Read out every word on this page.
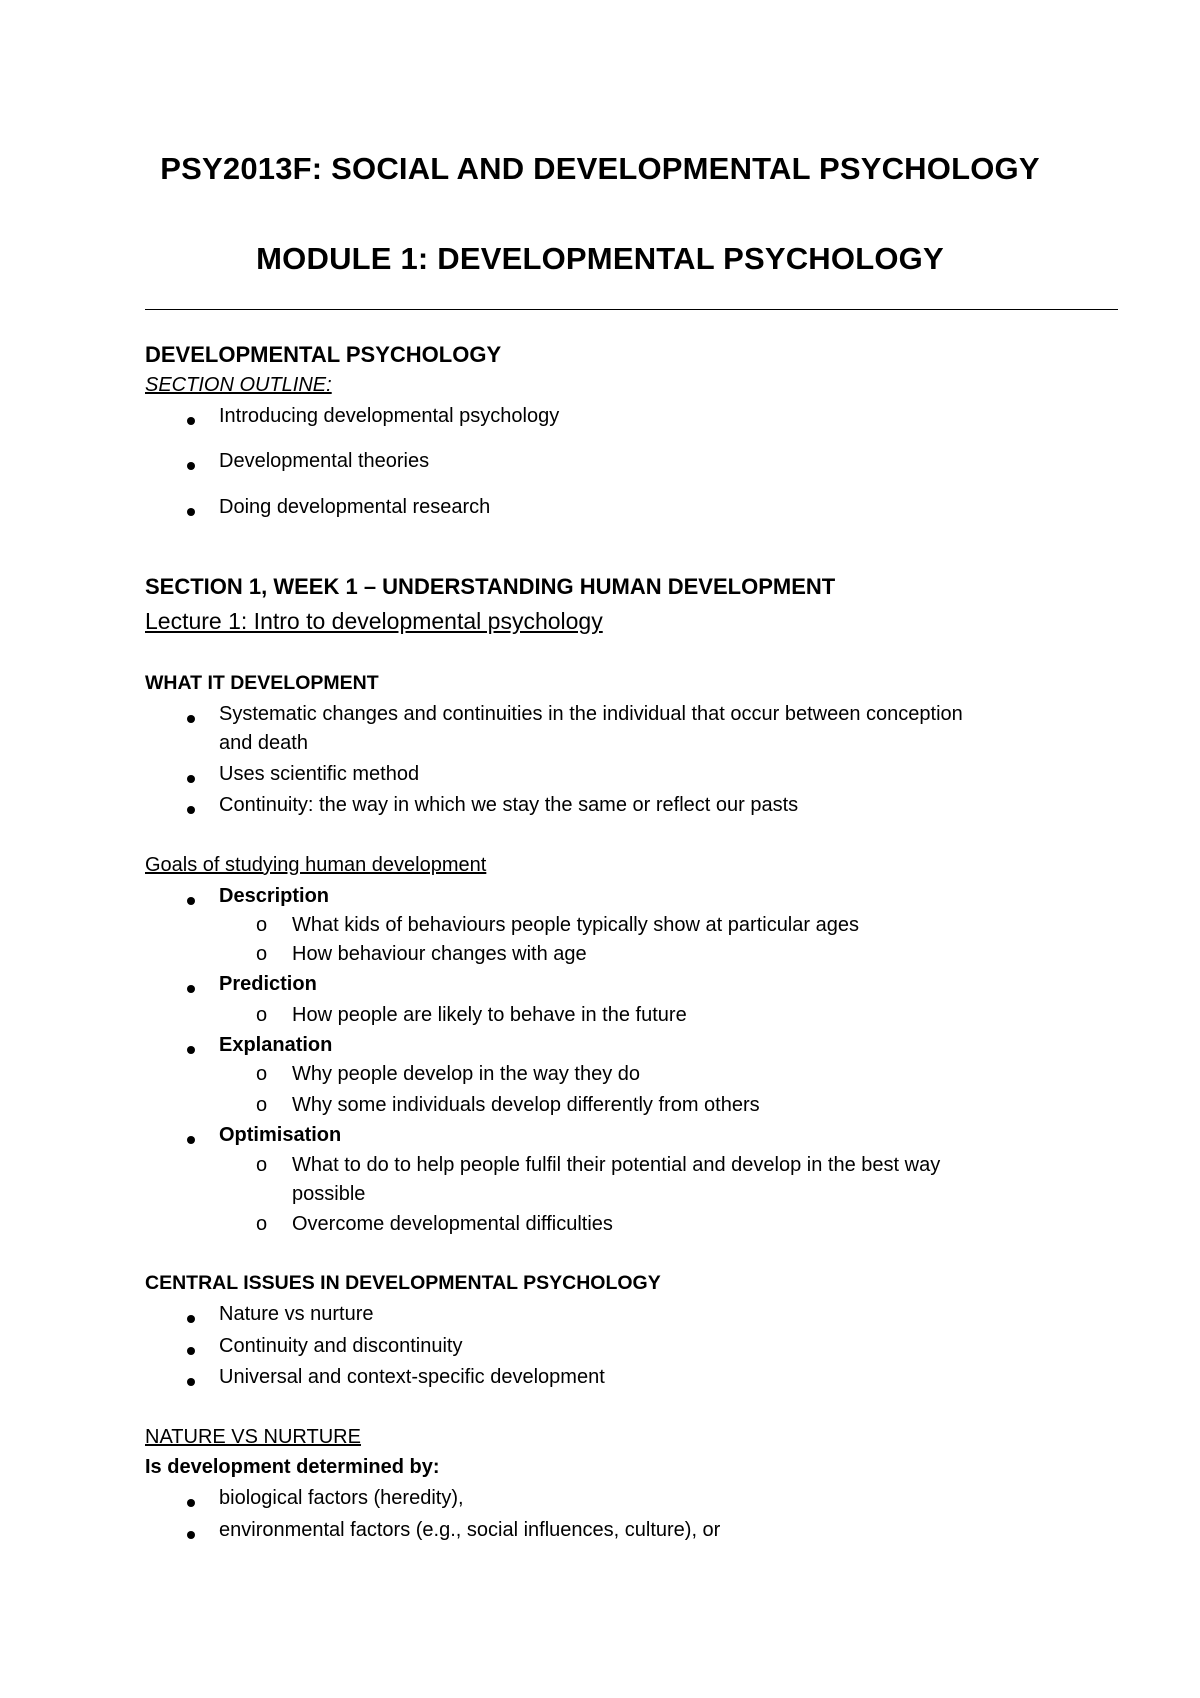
PSY2013F: SOCIAL AND DEVELOPMENTAL PSYCHOLOGY
MODULE 1: DEVELOPMENTAL PSYCHOLOGY
DEVELOPMENTAL PSYCHOLOGY
SECTION OUTLINE:
Introducing developmental psychology
Developmental theories
Doing developmental research
SECTION 1, WEEK 1 – UNDERSTANDING HUMAN DEVELOPMENT
Lecture 1: Intro to developmental psychology
WHAT IT DEVELOPMENT
Systematic changes and continuities in the individual that occur between conception
and death
Uses scientific method
Continuity: the way in which we stay the same or reflect our pasts
Goals of studying human development
Description
o What kids of behaviours people typically show at particular ages
o How behaviour changes with age
Prediction
o How people are likely to behave in the future
Explanation
o Why people develop in the way they do
o Why some individuals develop differently from others
Optimisation
o What to do to help people fulfil their potential and develop in the best way
possible
o Overcome developmental difficulties
CENTRAL ISSUES IN DEVELOPMENTAL PSYCHOLOGY
Nature vs nurture
Continuity and discontinuity
Universal and context-specific development
NATURE VS NURTURE
Is development determined by:
biological factors (heredity),
environmental factors (e.g., social influences, culture), or
